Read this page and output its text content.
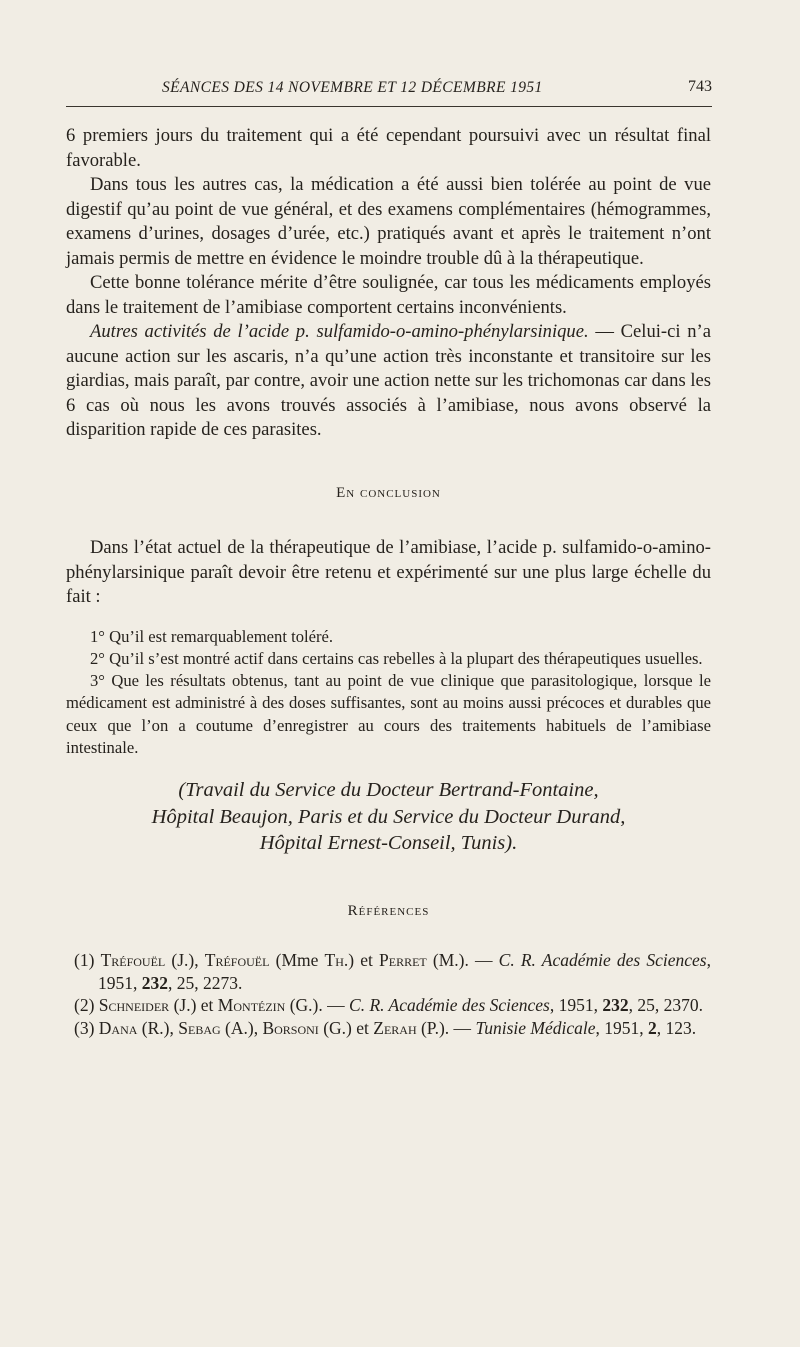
SÉANCES DES 14 NOVEMBRE ET 12 DÉCEMBRE 1951	743

6 premiers jours du traitement qui a été cependant poursuivi avec un résultat final favorable.

Dans tous les autres cas, la médication a été aussi bien tolérée au point de vue digestif qu’au point de vue général, et des examens complémentaires (hémogrammes, examens d’urines, dosages d’urée, etc.) pratiqués avant et après le traitement n’ont jamais permis de mettre en évidence le moindre trouble dû à la thérapeutique.

Cette bonne tolérance mérite d’être soulignée, car tous les médicaments employés dans le traitement de l’amibiase comportent certains inconvénients.

Autres activités de l’acide p. sulfamido-o-amino-phénylarsinique. — Celui-ci n’a aucune action sur les ascaris, n’a qu’une action très inconstante et transitoire sur les giardias, mais paraît, par contre, avoir une action nette sur les trichomonas car dans les 6 cas où nous les avons trouvés associés à l’amibiase, nous avons observé la disparition rapide de ces parasites.

En conclusion

Dans l’état actuel de la thérapeutique de l’amibiase, l’acide p. sulfamido-o-amino-phénylarsinique paraît devoir être retenu et expérimenté sur une plus large échelle du fait :

1° Qu’il est remarquablement toléré.

2° Qu’il s’est montré actif dans certains cas rebelles à la plupart des thérapeutiques usuelles.

3° Que les résultats obtenus, tant au point de vue clinique que parasitologique, lorsque le médicament est administré à des doses suffisantes, sont au moins aussi précoces et durables que ceux que l’on a coutume d’enregistrer au cours des traitements habituels de l’amibiase intestinale.

(Travail du Service du Docteur Bertrand-Fontaine,
Hôpital Beaujon, Paris et du Service du Docteur Durand,
Hôpital Ernest-Conseil, Tunis).
Références

(1) Tréfouël (J.), Tréfouël (Mme Th.) et Perret (M.). — C. R. Académie des Sciences, 1951, 232, 25, 2273.

(2) Schneider (J.) et Montézin (G.). — C. R. Académie des Sciences, 1951, 232, 25, 2370.

(3) Dana (R.), Sebag (A.), Borsoni (G.) et Zerah (P.). — Tunisie Médicale, 1951, 2, 123.
